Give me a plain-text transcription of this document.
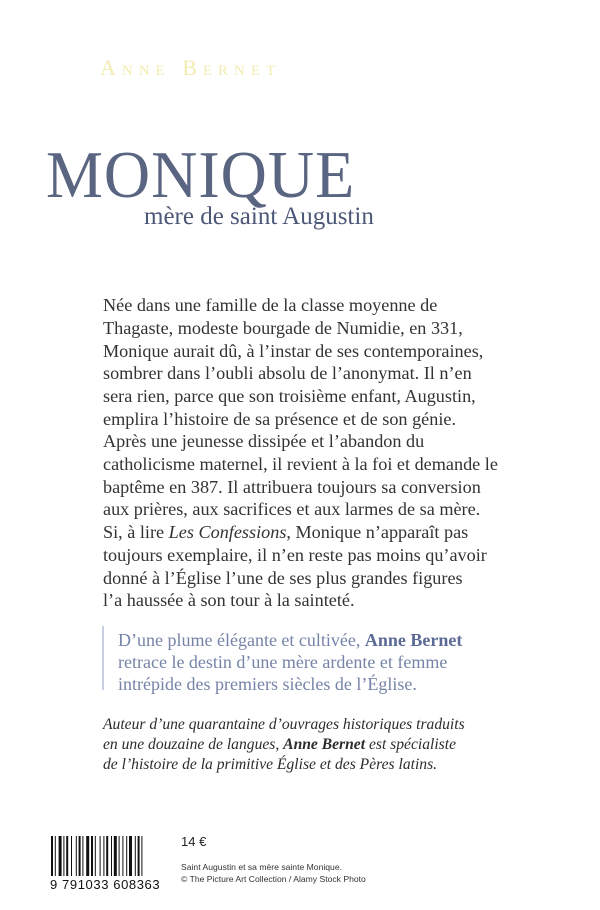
Anne Bernet
MONIQUE
mère de saint Augustin
Née dans une famille de la classe moyenne de
Thagaste, modeste bourgade de Numidie, en 331,
Monique aurait dû, à l’instar de ses contemporaines,
sombrer dans l’oubli absolu de l’anonymat. Il n’en
sera rien, parce que son troisième enfant, Augustin,
emplira l’histoire de sa présence et de son génie.
Après une jeunesse dissipée et l’abandon du
catholicisme maternel, il revient à la foi et demande le
baptême en 387. Il attribuera toujours sa conversion
aux prières, aux sacrifices et aux larmes de sa mère.
Si, à lire Les Confessions, Monique n’apparaît pas
toujours exemplaire, il n’en reste pas moins qu’avoir
donné à l’Église l’une de ses plus grandes figures
l’a haussée à son tour à la sainteté.
D’une plume élégante et cultivée, Anne Bernet
retrace le destin d’une mère ardente et femme
intrépide des premiers siècles de l’Église.
Auteur d’une quarantaine d’ouvrages historiques traduits
en une douzaine de langues, Anne Bernet est spécialiste
de l’histoire de la primitive Église et des Pères latins.
9 791033 608363
14 €
Saint Augustin et sa mère sainte Monique.
© The Picture Art Collection / Alamy Stock Photo
